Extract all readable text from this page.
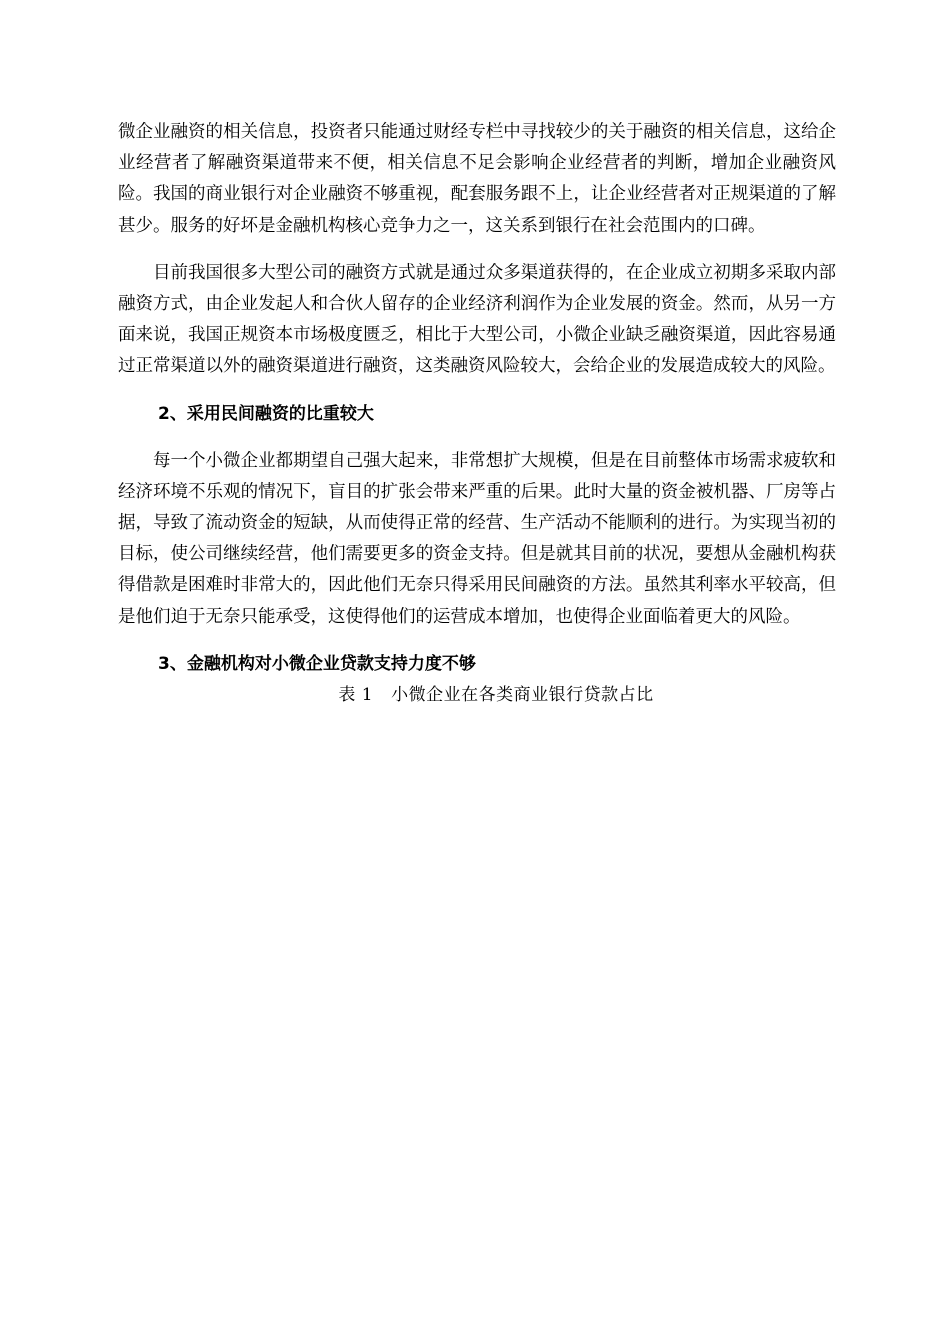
微企业融资的相关信息，投资者只能通过财经专栏中寻找较少的关于融资的相关信息，这给企业经营者了解融资渠道带来不便，相关信息不足会影响企业经营者的判断，增加企业融资风险。我国的商业银行对企业融资不够重视，配套服务跟不上，让企业经营者对正规渠道的了解甚少。服务的好坏是金融机构核心竞争力之一，这关系到银行在社会范围内的口碑。

目前我国很多大型公司的融资方式就是通过众多渠道获得的，在企业成立初期多采取内部融资方式，由企业发起人和合伙人留存的企业经济利润作为企业发展的资金。然而，从另一方面来说，我国正规资本市场极度匮乏，相比于大型公司，小微企业缺乏融资渠道，因此容易通过正常渠道以外的融资渠道进行融资，这类融资风险较大，会给企业的发展造成较大的风险。

2、采用民间融资的比重较大

每一个小微企业都期望自己强大起来，非常想扩大规模，但是在目前整体市场需求疲软和经济环境不乐观的情况下，盲目的扩张会带来严重的后果。此时大量的资金被机器、厂房等占据，导致了流动资金的短缺，从而使得正常的经营、生产活动不能顺利的进行。为实现当初的目标，使公司继续经营，他们需要更多的资金支持。但是就其目前的状况，要想从金融机构获得借款是困难时非常大的，因此他们无奈只得采用民间融资的方法。虽然其利率水平较高，但是他们迫于无奈只能承受，这使得他们的运营成本增加，也使得企业面临着更大的风险。

3、金融机构对小微企业贷款支持力度不够

表 1 小微企业在各类商业银行贷款占比
